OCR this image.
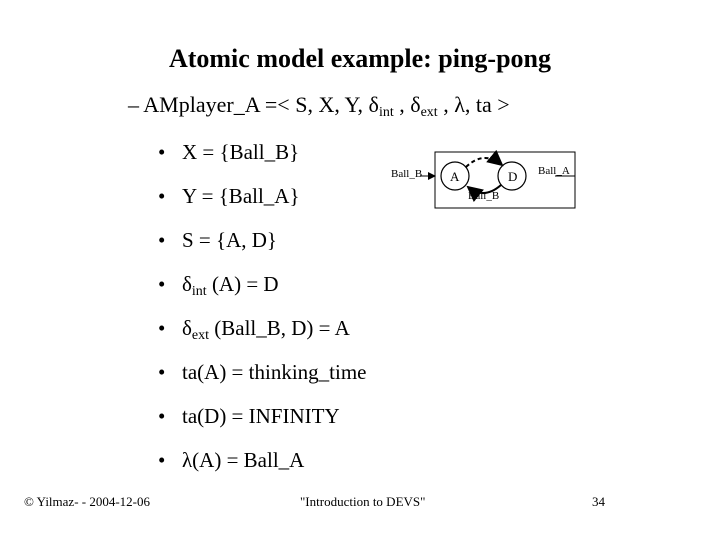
Atomic model example: ping-pong
– AMplayer_A =< S, X, Y, $\delta_{int}$ , $\delta_{ext}$ , λ, ta >
• X = {Ball_B}
• Y = {Ball_A}
• S = {A, D}
• $\delta_{int}$ (A) = D
• $\delta_{ext}$ (Ball_B, D) = A
• ta(A) = thinking_time
• ta(D) = INFINITY
• λ(A) = Ball_A
Ball_B	Ball_A
A	D
Ball_B
© Yilmaz- - 2004-12-06	"Introduction to DEVS"	34
